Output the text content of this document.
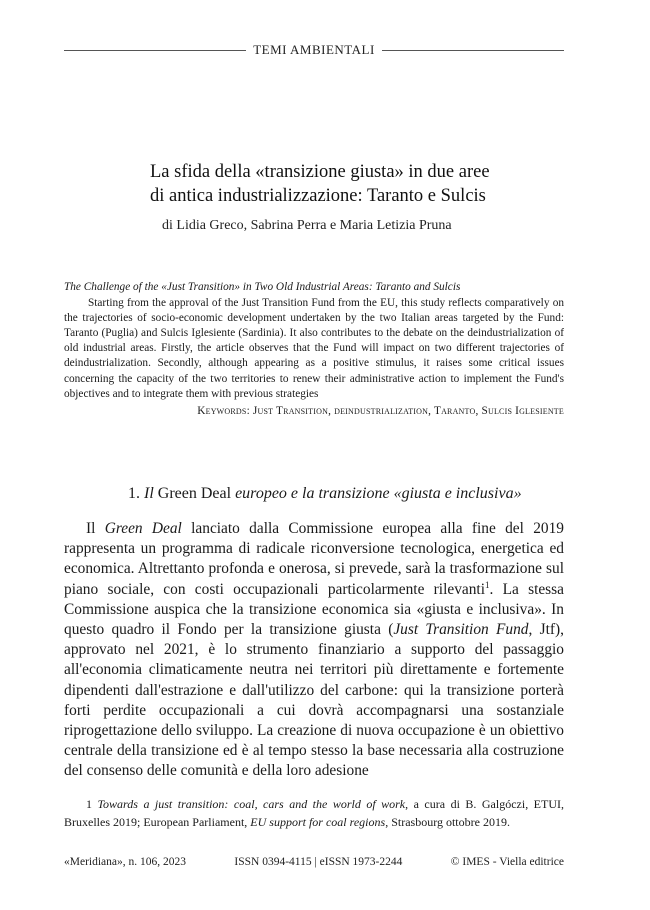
TEMI AMBIENTALI
La sfida della «transizione giusta» in due aree
di antica industrializzazione: Taranto e Sulcis
di Lidia Greco, Sabrina Perra e Maria Letizia Pruna
The Challenge of the «Just Transition» in Two Old Industrial Areas: Taranto and Sulcis
Starting from the approval of the Just Transition Fund from the EU, this study reflects comparatively on the trajectories of socio-economic development undertaken by the two Italian areas targeted by the Fund: Taranto (Puglia) and Sulcis Iglesiente (Sardinia). It also contributes to the debate on the deindustrialization of old industrial areas. Firstly, the article observes that the Fund will impact on two different trajectories of deindustrialization. Secondly, although appearing as a positive stimulus, it raises some critical issues concerning the capacity of the two territories to renew their administrative action to implement the Fund's objectives and to integrate them with previous strategies
Keywords: Just Transition, deindustrialization, Taranto, Sulcis Iglesiente
1. Il Green Deal europeo e la transizione «giusta e inclusiva»

Il Green Deal lanciato dalla Commissione europea alla fine del 2019 rappresenta un programma di radicale riconversione tecnologica, energetica ed economica. Altrettanto profonda e onerosa, si prevede, sarà la trasformazione sul piano sociale, con costi occupazionali particolarmente rilevanti$^1$. La stessa Commissione auspica che la transizione economica sia «giusta e inclusiva». In questo quadro il Fondo per la transizione giusta (Just Transition Fund, Jtf), approvato nel 2021, è lo strumento finanziario a supporto del passaggio all'economia climaticamente neutra nei territori più direttamente e fortemente dipendenti dall'estrazione e dall'utilizzo del carbone: qui la transizione porterà forti perdite occupazionali a cui dovrà accompagnarsi una sostanziale riprogettazione dello sviluppo. La creazione di nuova occupazione è un obiettivo centrale della transizione ed è al tempo stesso la base necessaria alla costruzione del consenso delle comunità e della loro adesione

1 Towards a just transition: coal, cars and the world of work, a cura di B. Galgóczi, ETUI, Bruxelles 2019; European Parliament, EU support for coal regions, Strasbourg ottobre 2019.

«Meridiana», n. 106, 2023	ISSN 0394-4115 | eISSN 1973-2244	© IMES - Viella editrice
